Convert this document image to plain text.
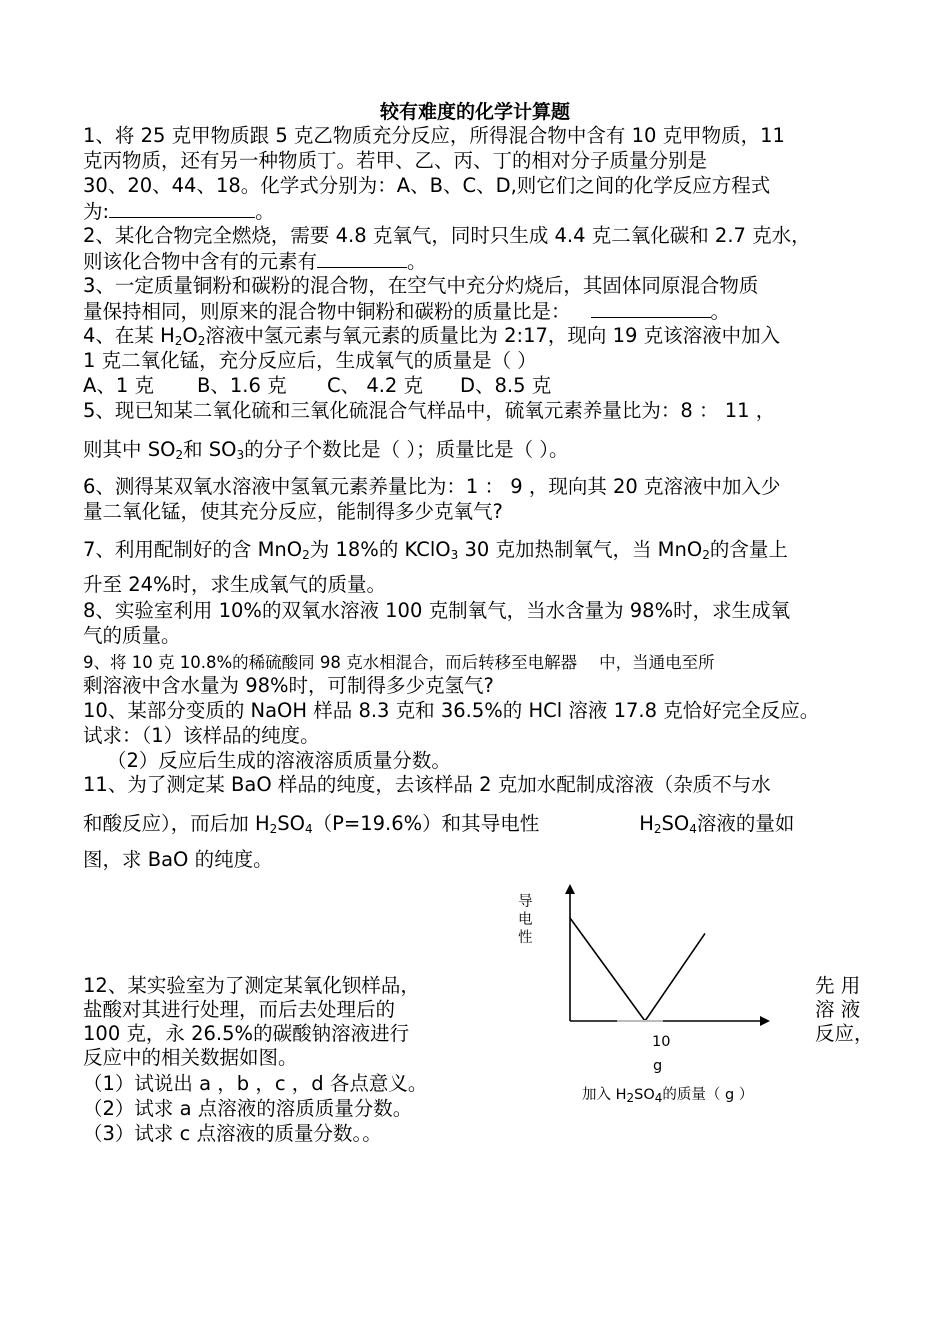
较有难度的化学计算题
1、将 25 克甲物质跟 5 克乙物质充分反应，所得混合物中含有 10 克甲物质，11
克丙物质，还有另一种物质丁。若甲、乙、丙、丁的相对分子质量分别是
30、20、44、18。化学式分别为：A、B、C、D,则它们之间的化学反应方程式
为:	。
2、某化合物完全燃烧，需要 4.8 克氧气，同时只生成 4.4 克二氧化碳和 2.7 克水，
则该化合物中含有的元素有	。
3、一定质量铜粉和碳粉的混合物，在空气中充分灼烧后，其固体同原混合物质
量保持相同，则原来的混合物中铜粉和碳粉的质量比是：	。
4、在某 $H_2O_2$溶液中氢元素与氧元素的质量比为 2:17，现向 19 克该溶液中加入
1 克二氧化锰，充分反应后，生成氧气的质量是（ ）
A、1 克 B、1.6 克 C、 4.2 克 D、8.5 克
5、现已知某二氧化硫和三氧化硫混合气样品中，硫氧元素养量比为：8 ： 11 ，
则其中 $SO_2$和 $SO_3$的分子个数比是（ ）；质量比是（ ）。
6、测得某双氧水溶液中氢氧元素养量比为：1 ： 9 ，现向其 20 克溶液中加入少
量二氧化锰，使其充分反应，能制得多少克氧气?
7、利用配制好的含 MnO$_2$为 18%的 KClO$_3$ 30 克加热制氧气，当 MnO$_2$的含量上
升至 24%时，求生成氧气的质量。
8、实验室利用 10%的双氧水溶液 100 克制氧气，当水含量为 98%时，求生成氧
气的质量。
9、将 10 克 10.8%的稀硫酸同 98 克水相混合，而后转移至电解器 中，当通电至所
剩溶液中含水量为 98%时，可制得多少克氢气?
10、某部分变质的 NaOH 样品 8.3 克和 36.5%的 HCl 溶液 17.8 克恰好完全反应。
试求：（1）该样品的纯度。
（2）反应后生成的溶液溶质质量分数。
11、为了测定某 BaO 样品的纯度，去该样品 2 克加水配制成溶液（杂质不与水
和酸反应），而后加 $H_2SO_4(P=19.6\%)$和其导电性	$H_2SO_4$溶液的量如
图，求 BaO 的纯度。
12、某实验室为了测定某氧化钡样品，
盐酸对其进行处理，而后去处理后的
100 克，永 26.5%的碳酸钠溶液进行
反应中的相关数据如图。
先 用
溶 液
反应，
（1）试说出 a ，b ，c ，d 各点意义。
（2）试求 a 点溶液的溶质质量分数。
（3）试求 c 点溶液的质量分数。。
导
电
性
10
g
加入 $H_2SO_4$的质量（ g ）
